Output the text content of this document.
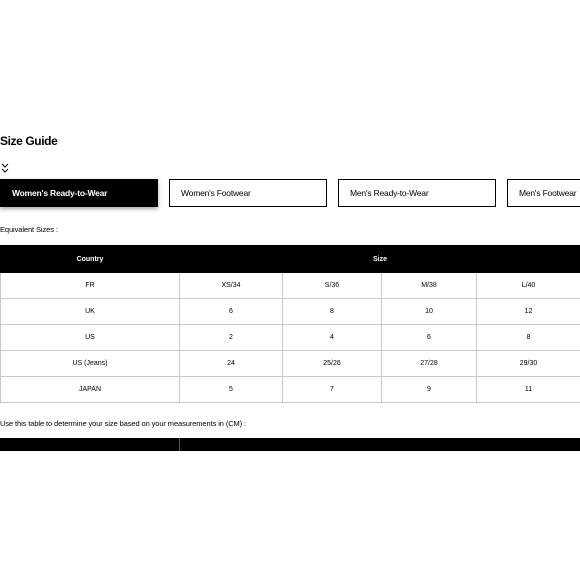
Size Guide
Women's Ready-to-Wear	Women's Footwear	Men's Ready-to-Wear	Men's Footwear
Equivalent Sizes :
Country	Size			
FR	XS/34	S/36	M/38	L/40
UK	6	8	10	12
US	2	4	6	8
US (Jeans)	24	25/26	27/28	29/30
JAPAN	5	7	9	11
Use this table to determine your size based on your measurements in (CM) :
